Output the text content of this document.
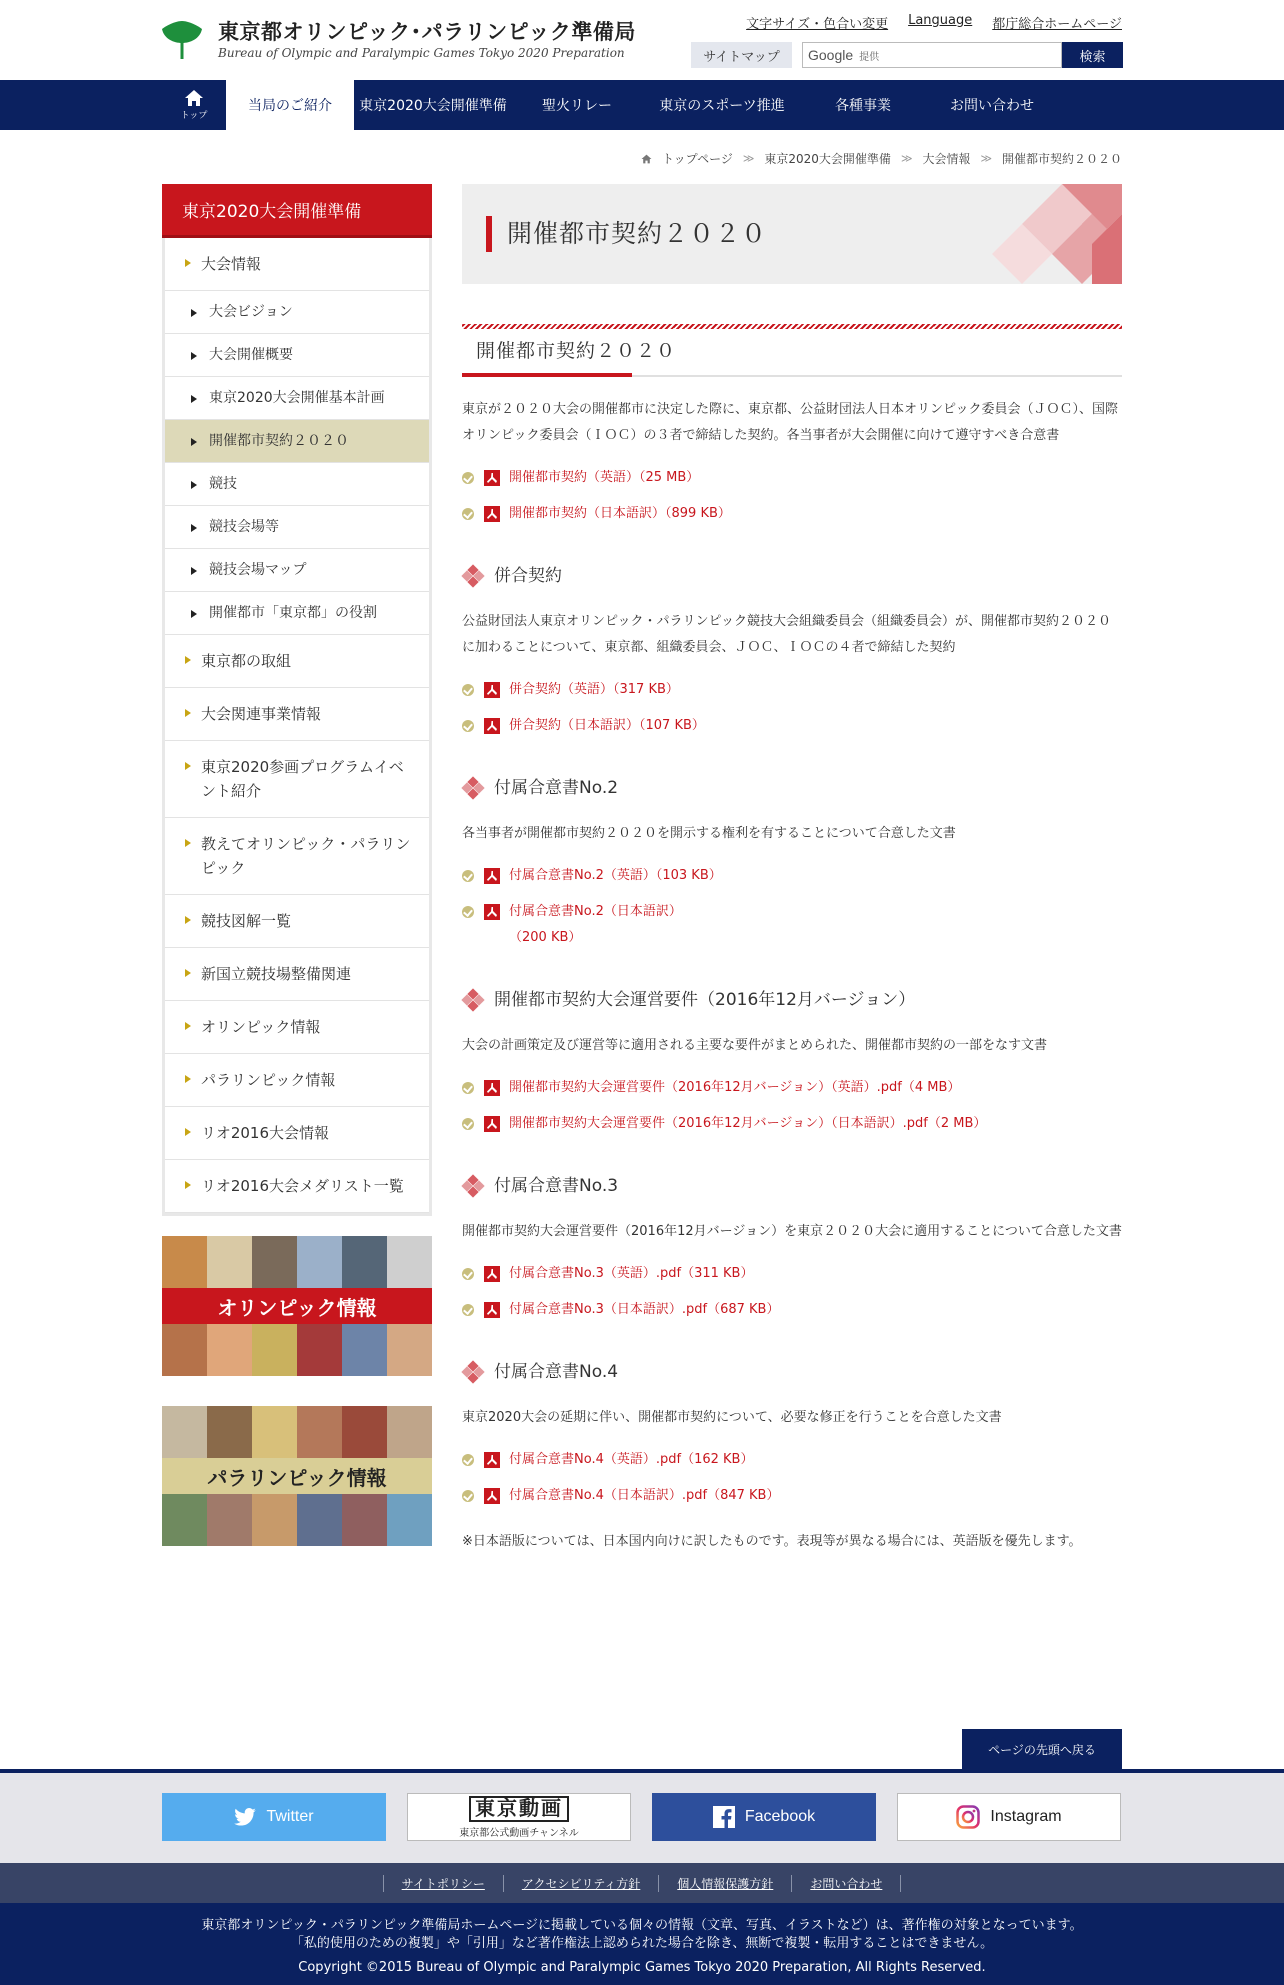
東京都オリンピック･パラリンピック準備局
Bureau of Olympic and Paralympic Games Tokyo 2020 Preparation
文字サイズ・色合い変更 Language 都庁総合ホームページ
サイトマップ	Google 提供	検索
トップ
当局のご紹介	東京2020大会開催準備	聖火リレー	東京のスポーツ推進	各種事業	お問い合わせ
トップページ ≫ 東京2020大会開催準備 ≫ 大会情報 ≫ 開催都市契約２０２０
東京2020大会開催準備
大会情報
大会ビジョン
大会開催概要
東京2020大会開催基本計画
開催都市契約２０２０
競技
競技会場等
競技会場マップ
開催都市「東京都」の役割
東京都の取組
大会関連事業情報
東京2020参画プログラムイベント紹介
教えてオリンピック・パラリンピック
競技図解一覧
新国立競技場整備関連
オリンピック情報
パラリンピック情報
リオ2016大会情報
リオ2016大会メダリスト一覧
オリンピック情報
パラリンピック情報
開催都市契約２０２０
開催都市契約２０２０

東京が２０２０大会の開催都市に決定した際に、東京都、公益財団法人日本オリンピック委員会（ＪＯＣ）、国際オリンピック委員会（ＩＯＣ）の３者で締結した契約。各当事者が大会開催に向けて遵守すべき合意書

開催都市契約（英語）（25 MB）
開催都市契約（日本語訳）（899 KB）
併合契約

公益財団法人東京オリンピック・パラリンピック競技大会組織委員会（組織委員会）が、開催都市契約２０２０に加わることについて、東京都、組織委員会、ＪＯＣ、ＩＯＣの４者で締結した契約

併合契約（英語）（317 KB）
併合契約（日本語訳）（107 KB）
付属合意書No.2

各当事者が開催都市契約２０２０を開示する権利を有することについて合意した文書

付属合意書No.2（英語）（103 KB）
付属合意書No.2（日本語訳）（200 KB）
開催都市契約大会運営要件（2016年12月バージョン）

大会の計画策定及び運営等に適用される主要な要件がまとめられた、開催都市契約の一部をなす文書

開催都市契約大会運営要件（2016年12月バージョン）（英語）.pdf（4 MB）
開催都市契約大会運営要件（2016年12月バージョン）（日本語訳）.pdf（2 MB）
付属合意書No.3

開催都市契約大会運営要件（2016年12月バージョン）を東京２０２０大会に適用することについて合意した文書

付属合意書No.3（英語）.pdf（311 KB）
付属合意書No.3（日本語訳）.pdf（687 KB）
付属合意書No.4

東京2020大会の延期に伴い、開催都市契約について、必要な修正を行うことを合意した文書

付属合意書No.4（英語）.pdf（162 KB）
付属合意書No.4（日本語訳）.pdf（847 KB）

※日本語版については、日本国内向けに訳したものです。表現等が異なる場合には、英語版を優先します。

ページの先頭へ戻る
Twitter	東京動画
東京都公式動画チャンネル
Facebook	Instagram
サイトポリシー	アクセシビリティ方針	個人情報保護方針	お問い合わせ
東京都オリンピック・パラリンピック準備局ホームページに掲載している個々の情報（文章、写真、イラストなど）は、著作権の対象となっています。
「私的使用のための複製」や「引用」など著作権法上認められた場合を除き、無断で複製・転用することはできません。
Copyright ©2015 Bureau of Olympic and Paralympic Games Tokyo 2020 Preparation, All Rights Reserved.
